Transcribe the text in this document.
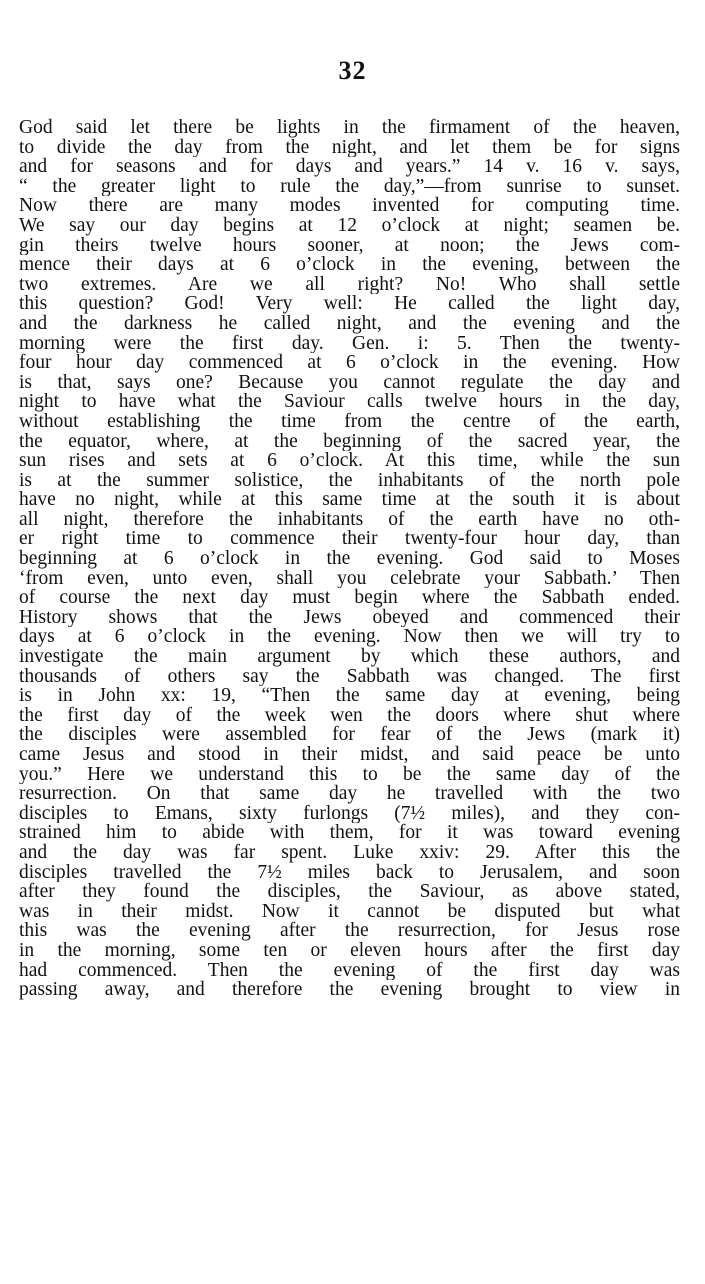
32
God said let there be lights in the firmament of the heaven,
to divide the day from the night, and let them be for signs
and for seasons and for days and years.” 14 v. 16 v. says,
“ the greater light to rule the day,”—from sunrise to sunset.
Now there are many modes invented for computing time.
We say our day begins at 12 o’clock at night; seamen be.
gin theirs twelve hours sooner, at noon; the Jews com-
mence their days at 6 o’clock in the evening, between the
two extremes. Are we all right? No! Who shall settle
this question? God! Very well: He called the light day,
and the darkness he called night, and the evening and the
morning were the first day. Gen. i: 5. Then the twenty-
four hour day commenced at 6 o’clock in the evening. How
is that, says one? Because you cannot regulate the day and
night to have what the Saviour calls twelve hours in the day,
without establishing the time from the centre of the earth,
the equator, where, at the beginning of the sacred year, the
sun rises and sets at 6 o’clock. At this time, while the sun
is at the summer solistice, the inhabitants of the north pole
have no night, while at this same time at the south it is about
all night, therefore the inhabitants of the earth have no oth-
er right time to commence their twenty-four hour day, than
beginning at 6 o’clock in the evening. God said to Moses
‘from even, unto even, shall you celebrate your Sabbath.’ Then
of course the next day must begin where the Sabbath ended.
History shows that the Jews obeyed and commenced their
days at 6 o’clock in the evening. Now then we will try to
investigate the main argument by which these authors, and
thousands of others say the Sabbath was changed. The first
is in John xx: 19, “Then the same day at evening, being
the first day of the week wen the doors where shut where
the disciples were assembled for fear of the Jews (mark it)
came Jesus and stood in their midst, and said peace be unto
you.” Here we understand this to be the same day of the
resurrection. On that same day he travelled with the two
disciples to Emans, sixty furlongs (7½ miles), and they con-
strained him to abide with them, for it was toward evening
and the day was far spent. Luke xxiv: 29. After this the
disciples travelled the 7½ miles back to Jerusalem, and soon
after they found the disciples, the Saviour, as above stated,
was in their midst. Now it cannot be disputed but what
this was the evening after the resurrection, for Jesus rose
in the morning, some ten or eleven hours after the first day
had commenced. Then the evening of the first day was
passing away, and therefore the evening brought to view in
